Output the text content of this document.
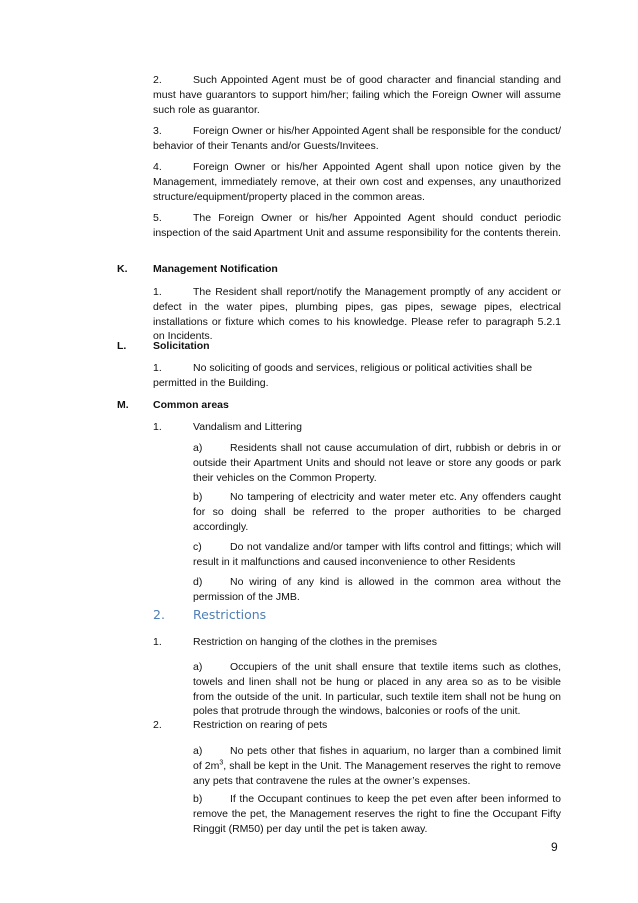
2.	Such Appointed Agent must be of good character and financial standing and must have guarantors to support him/her; failing which the Foreign Owner will assume such role as guarantor.
3.	Foreign Owner or his/her Appointed Agent shall be responsible for the conduct/ behavior of their Tenants and/or Guests/Invitees.
4.	Foreign Owner or his/her Appointed Agent shall upon notice given by the Management, immediately remove, at their own cost and expenses, any unauthorized structure/equipment/property placed in the common areas.
5.	The Foreign Owner or his/her Appointed Agent should conduct periodic inspection of the said Apartment Unit and assume responsibility for the contents therein.
K. Management Notification
1.	The Resident shall report/notify the Management promptly of any accident or defect in the water pipes, plumbing pipes, gas pipes, sewage pipes, electrical installations or fixture which comes to his knowledge. Please refer to paragraph 5.2.1 on Incidents.
L.	Solicitation
1.	No soliciting of goods and services, religious or political activities shall be permitted in the Building.
M. Common areas
1.	Vandalism and Littering
a)	Residents shall not cause accumulation of dirt, rubbish or debris in or outside their Apartment Units and should not leave or store any goods or park their vehicles on the Common Property.
b)	No tampering of electricity and water meter etc. Any offenders caught for so doing shall be referred to the proper authorities to be charged accordingly.
c)	Do not vandalize and/or tamper with lifts control and fittings; which will result in it malfunctions and caused inconvenience to other Residents
d)	No wiring of any kind is allowed in the common area without the permission of the JMB.
2. Restrictions
1.	Restriction on hanging of the clothes in the premises
a)	Occupiers of the unit shall ensure that textile items such as clothes, towels and linen shall not be hung or placed in any area so as to be visible from the outside of the unit. In particular, such textile item shall not be hung on poles that protrude through the windows, balconies or roofs of the unit.
2.	Restriction on rearing of pets
a)	No pets other that fishes in aquarium, no larger than a combined limit of $2m^3$, shall be kept in the Unit. The Management reserves the right to remove any pets that contravene the rules at the owner’s expenses.
b)	If the Occupant continues to keep the pet even after been informed to remove the pet, the Management reserves the right to fine the Occupant Fifty Ringgit (RM50) per day until the pet is taken away.
9
